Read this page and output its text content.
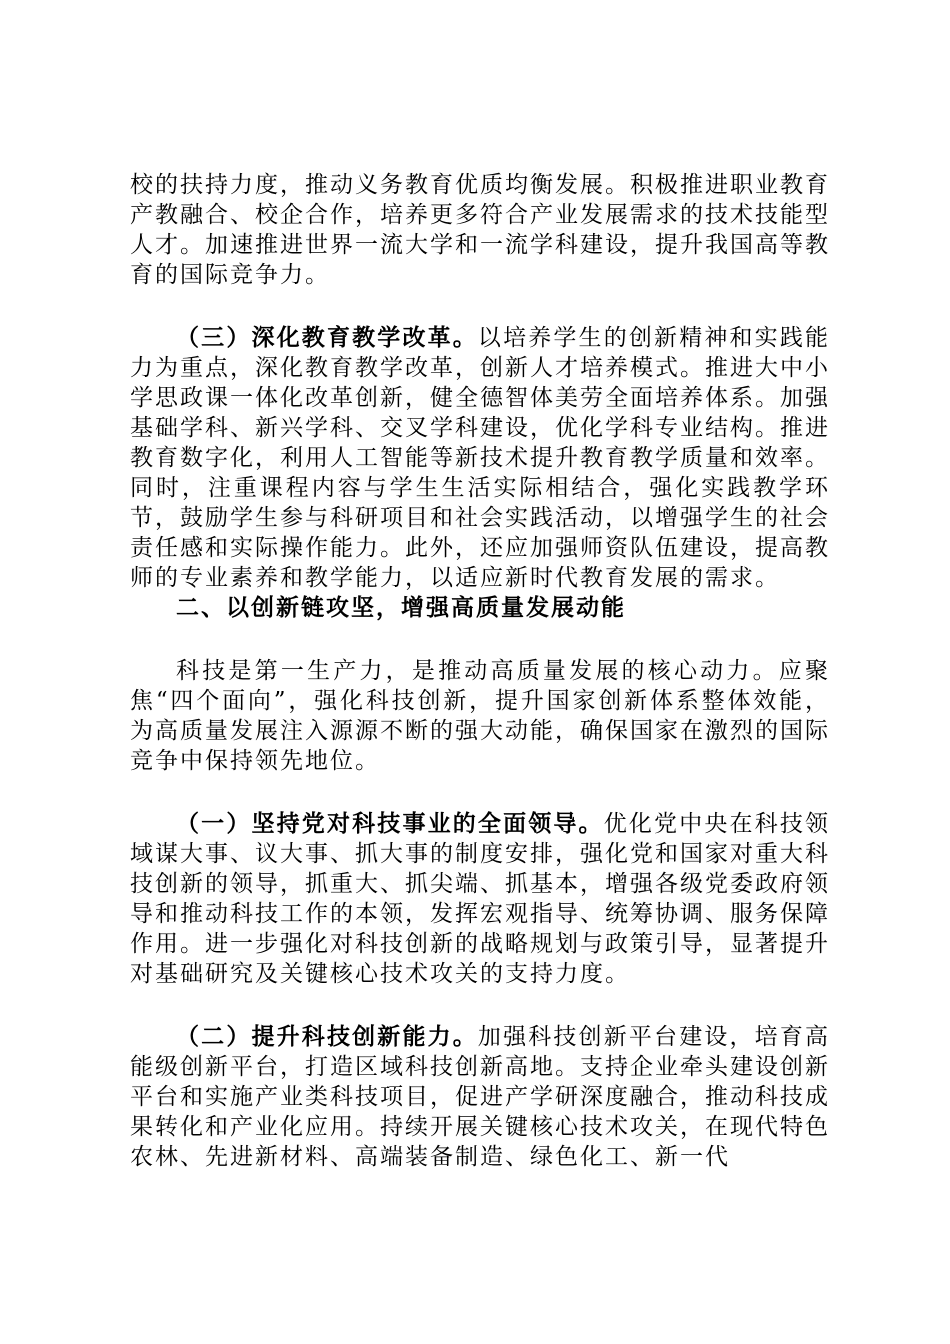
校的扶持力度，推动义务教育优质均衡发展。积极推进职业教育产教融合、校企合作，培养更多符合产业发展需求的技术技能型人才。加速推进世界一流大学和一流学科建设，提升我国高等教育的国际竞争力。

（三）深化教育教学改革。以培养学生的创新精神和实践能力为重点，深化教育教学改革，创新人才培养模式。推进大中小学思政课一体化改革创新，健全德智体美劳全面培养体系。加强基础学科、新兴学科、交叉学科建设，优化学科专业结构。推进教育数字化，利用人工智能等新技术提升教育教学质量和效率。同时，注重课程内容与学生生活实际相结合，强化实践教学环节，鼓励学生参与科研项目和社会实践活动，以增强学生的社会责任感和实际操作能力。此外，还应加强师资队伍建设，提高教师的专业素养和教学能力，以适应新时代教育发展的需求。

二、以创新链攻坚，增强高质量发展动能

科技是第一生产力，是推动高质量发展的核心动力。应聚焦“四个面向”，强化科技创新，提升国家创新体系整体效能，为高质量发展注入源源不断的强大动能，确保国家在激烈的国际竞争中保持领先地位。

（一）坚持党对科技事业的全面领导。优化党中央在科技领域谋大事、议大事、抓大事的制度安排，强化党和国家对重大科技创新的领导，抓重大、抓尖端、抓基本，增强各级党委政府领导和推动科技工作的本领，发挥宏观指导、统筹协调、服务保障作用。进一步强化对科技创新的战略规划与政策引导，显著提升对基础研究及关键核心技术攻关的支持力度。

（二）提升科技创新能力。加强科技创新平台建设，培育高能级创新平台，打造区域科技创新高地。支持企业牵头建设创新平台和实施产业类科技项目，促进产学研深度融合，推动科技成果转化和产业化应用。持续开展关键核心技术攻关，在现代特色农林、先进新材料、高端装备制造、绿色化工、新一代
